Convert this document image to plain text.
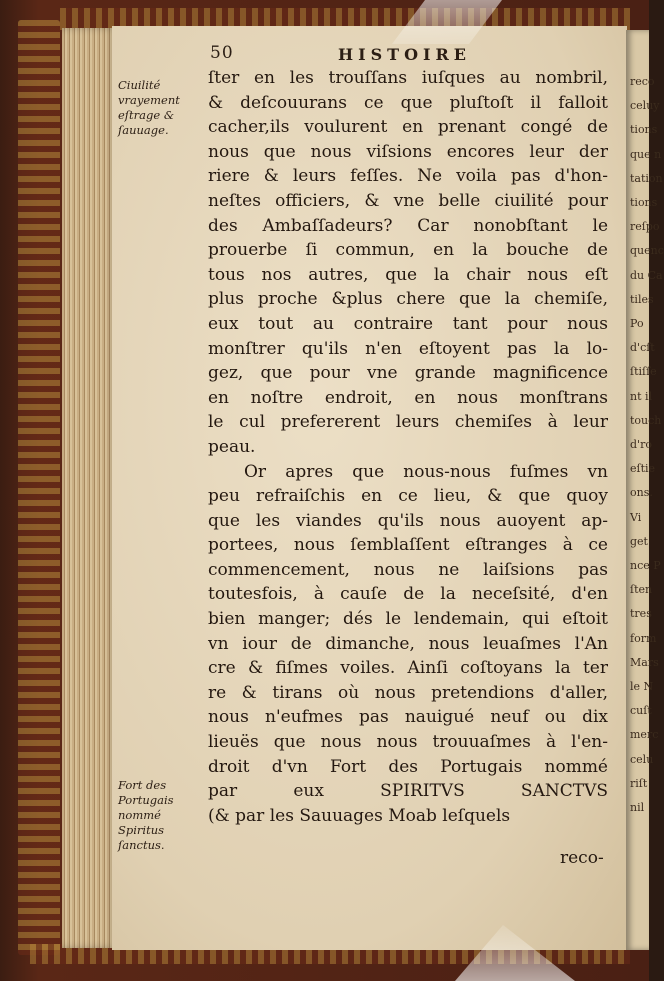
reco
celuy
tions
que n
tation
tions
reſpo
quenc
du Ca
tiles
Po
d'cſt
ſtiſſe
nt il
touch
d'ro
eſtie
ons.
Vi
get
nce P
ſten
tres
form
Mars
le N
cuſt
merc
celu
riſt
nil
50	HISTOIRE
Ciuilité vrayement eſtrage & ſauuage.
Fort des Portugais nommé Spiritus ſanctus.
ſter en les trouſſans iuſques au nombril,
& deſcouurans ce que pluſtoſt il falloit
cacher,ils voulurent en prenant congé de
nous que nous viſsions encores leur der
riere & leurs feſſes. Ne voila pas d'hon-
neſtes officiers, & vne belle ciuilité pour
des Ambaſſadeurs? Car nonobſtant le
prouerbe ſi commun, en la bouche de
tous nos autres, que la chair nous eſt
plus proche &plus chere que la chemiſe,
eux tout au contraire tant pour nous
monſtrer qu'ils n'en eſtoyent pas la lo-
gez, que pour vne grande magnificence
en noſtre endroit, en nous monſtrans
le cul prefererent leurs chemiſes à leur
peau.
Or apres que nous-nous fuſmes vn
peu refraiſchis en ce lieu, & que quoy
que les viandes qu'ils nous auoyent ap-
portees, nous ſemblaſſent eſtranges à ce
commencement, nous ne laiſsions pas
toutesfois, à cauſe de la neceſsité, d'en
bien manger; dés le lendemain, qui eſtoit
vn iour de dimanche, nous leuaſmes l'An
cre & fiſmes voiles. Ainſi coſtoyans la ter
re & tirans où nous pretendions d'aller,
nous n'eufmes pas nauigué neuf ou dix
lieuës que nous nous trouuaſmes à l'en-
droit d'vn Fort des Portugais nommé
par eux SPIRITVS SANCTVS
(& par les Sauuages Moab leſquels
reco-
